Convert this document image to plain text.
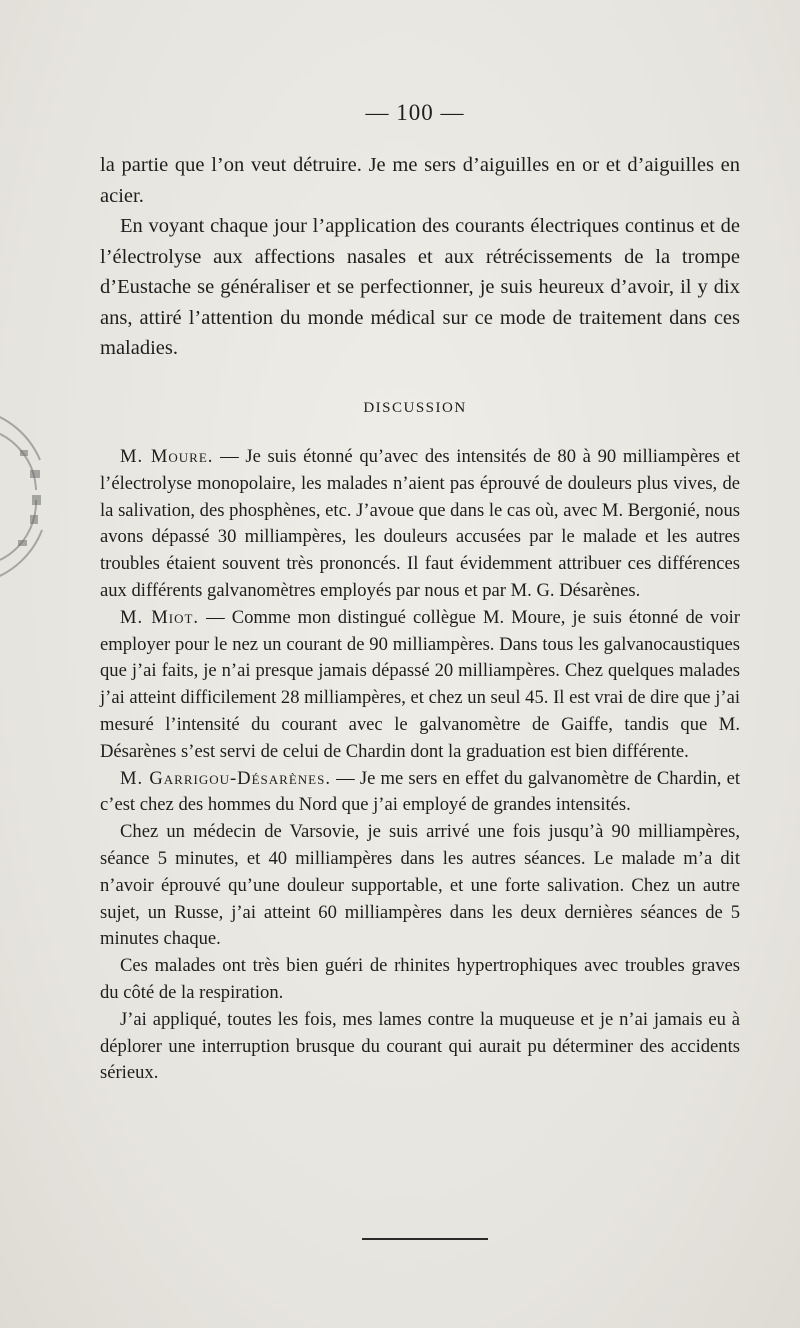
— 100 —

la partie que l’on veut détruire. Je me sers d’aiguilles en or et d’aiguilles en acier.

En voyant chaque jour l’application des courants électriques continus et de l’électrolyse aux affections nasales et aux rétrécissements de la trompe d’Eustache se généraliser et se perfectionner, je suis heureux d’avoir, il y dix ans, attiré l’attention du monde médical sur ce mode de traitement dans ces maladies.

DISCUSSION

M. Moure. — Je suis étonné qu’avec des intensités de 80 à 90 milliampères et l’électrolyse monopolaire, les malades n’aient pas éprouvé de douleurs plus vives, de la salivation, des phosphènes, etc. J’avoue que dans le cas où, avec M. Bergonié, nous avons dépassé 30 milliampères, les douleurs accusées par le malade et les autres troubles étaient souvent très prononcés. Il faut évidemment attribuer ces différences aux différents galvanomètres employés par nous et par M. G. Désarènes.

M. Miot. — Comme mon distingué collègue M. Moure, je suis étonné de voir employer pour le nez un courant de 90 milliampères. Dans tous les galvanocaustiques que j’ai faits, je n’ai presque jamais dépassé 20 milliampères. Chez quelques malades j’ai atteint difficilement 28 milliampères, et chez un seul 45. Il est vrai de dire que j’ai mesuré l’intensité du courant avec le galvanomètre de Gaiffe, tandis que M. Désarènes s’est servi de celui de Chardin dont la graduation est bien différente.

M. Garrigou-Désarènes. — Je me sers en effet du galvanomètre de Chardin, et c’est chez des hommes du Nord que j’ai employé de grandes intensités.

Chez un médecin de Varsovie, je suis arrivé une fois jusqu’à 90 milliampères, séance 5 minutes, et 40 milliampères dans les autres séances. Le malade m’a dit n’avoir éprouvé qu’une douleur supportable, et une forte salivation. Chez un autre sujet, un Russe, j’ai atteint 60 milliampères dans les deux dernières séances de 5 minutes chaque.

Ces malades ont très bien guéri de rhinites hypertrophiques avec troubles graves du côté de la respiration.

J’ai appliqué, toutes les fois, mes lames contre la muqueuse et je n’ai jamais eu à déplorer une interruption brusque du courant qui aurait pu déterminer des accidents sérieux.
